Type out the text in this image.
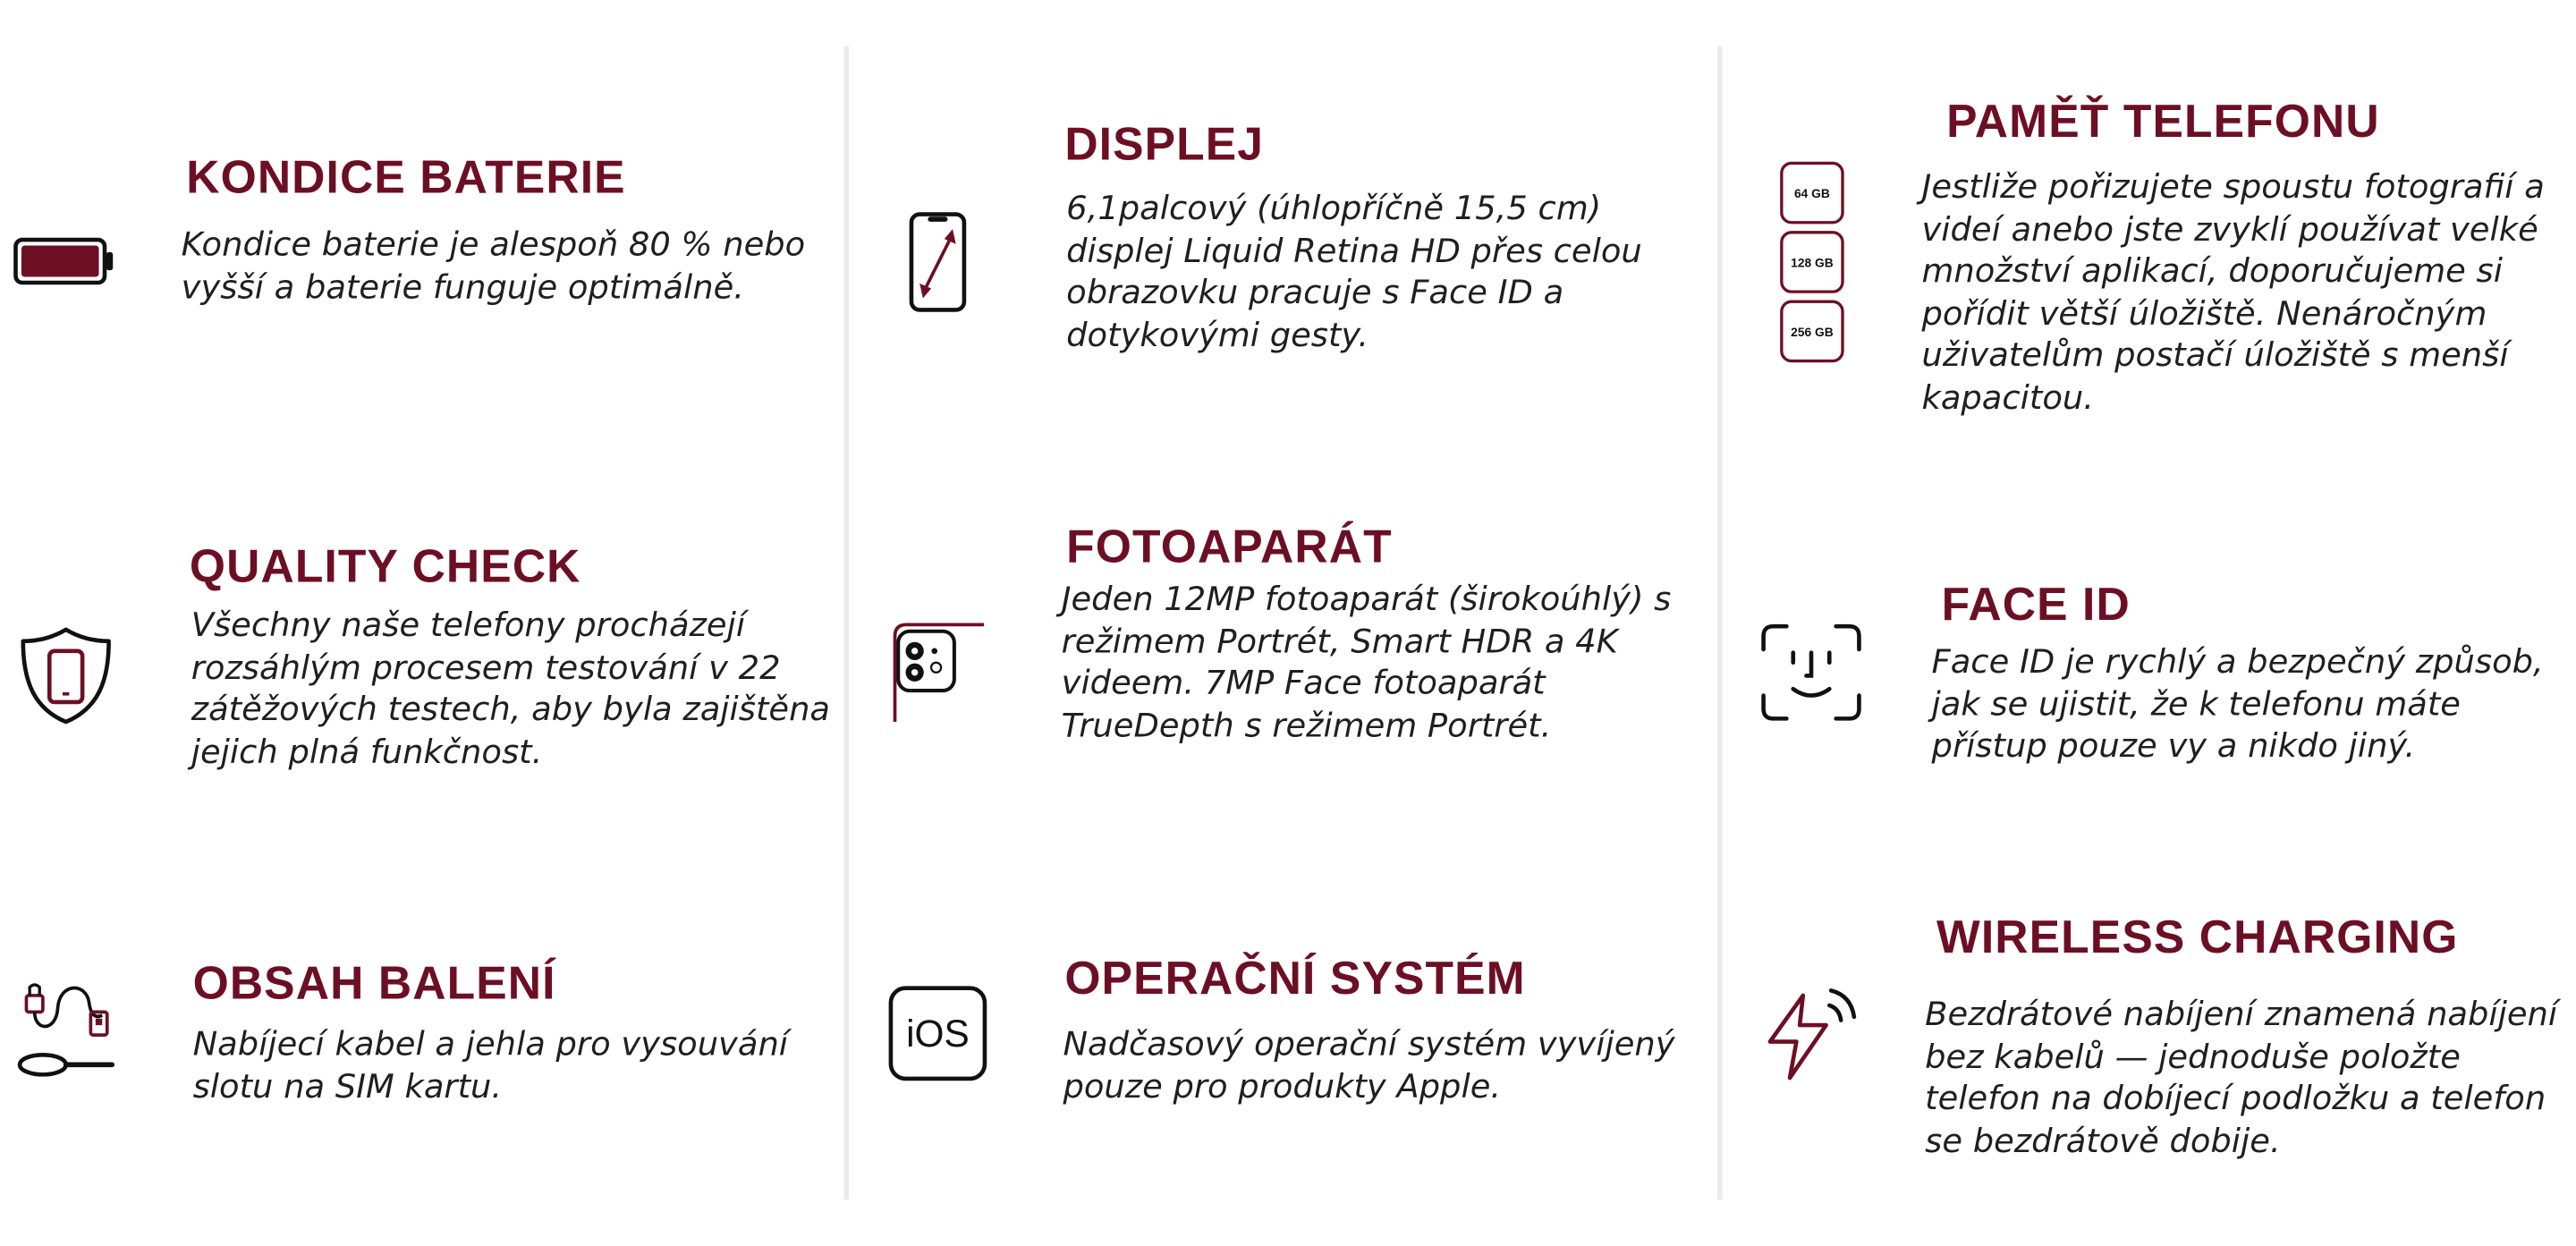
KONDICE BATERIE

Kondice baterie je alespoň 80 % nebo vyšší a baterie funguje optimálně.

QUALITY CHECK

Všechny naše telefony procházejí rozsáhlým procesem testování v 22 zátěžových testech, aby byla zajištěna jejich plná funkčnost.

OBSAH BALENÍ

Nabíjecí kabel a jehla pro vysouvání slotu na SIM kartu.

DISPLEJ

6,1palcový (úhlopříčně 15,5 cm) displej Liquid Retina HD přes celou obrazovku pracuje s Face ID a dotykovými gesty.

FOTOAPARÁT

Jeden 12MP fotoaparát (širokoúhlý) s režimem Portrét, Smart HDR a 4K videem. 7MP Face fotoaparát TrueDepth s režimem Portrét.

iOS
OPERAČNÍ SYSTÉM

Nadčasový operační systém vyvíjený pouze pro produkty Apple.

64 GB
128 GB
256 GB
PAMĚŤ TELEFONU

Jestliže pořizujete spoustu fotografií a videí anebo jste zvyklí používat velké množství aplikací, doporučujeme si pořídit větší úložiště. Nenáročným uživatelům postačí úložiště s menší kapacitou.

FACE ID

Face ID je rychlý a bezpečný způsob, jak se ujistit, že k telefonu máte přístup pouze vy a nikdo jiný.

WIRELESS CHARGING

Bezdrátové nabíjení znamená nabíjení bez kabelů — jednoduše položte telefon na dobíjecí podložku a telefon se bezdrátově dobije.
